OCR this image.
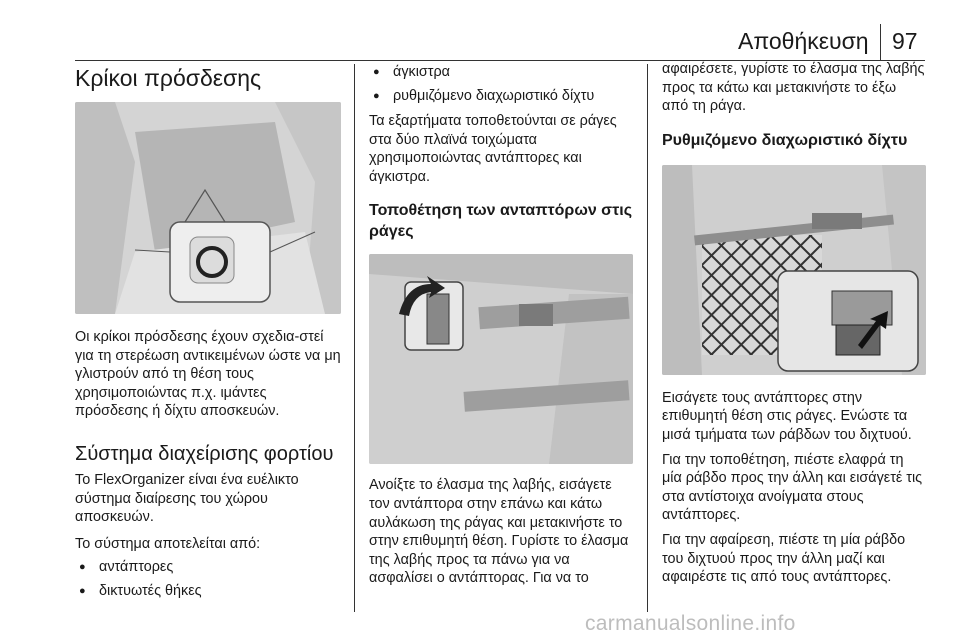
Αποθήκευση 97
Κρίκοι πρόσδεσης

Οι κρίκοι πρόσδεσης έχουν σχεδια-στεί για τη στερέωση αντικειμένων ώστε να μη γλιστρούν από τη θέση τους χρησιμοποιώντας π.χ. ιμάντες πρόσδεσης ή δίχτυ αποσκευών.

Σύστημα διαχείρισης φορτίου

Το FlexOrganizer είναι ένα ευέλικτο σύστημα διαίρεσης του χώρου αποσκευών.

Το σύστημα αποτελείται από:

● αντάπτορες
● δικτυωτές θήκες
● άγκιστρα
● ρυθμιζόμενο διαχωριστικό δίχτυ

Τα εξαρτήματα τοποθετούνται σε ράγες στα δύο πλαϊνά τοιχώματα χρησιμοποιώντας αντάπτορες και άγκιστρα.

Τοποθέτηση των ανταπτόρων στις ράγες

Ανοίξτε το έλασμα της λαβής, εισάγετε τον αντάπτορα στην επάνω και κάτω αυλάκωση της ράγας και μετακινήστε το στην επιθυμητή θέση. Γυρίστε το έλασμα της λαβής προς τα πάνω για να ασφαλίσει ο αντάπτορας. Για να το

αφαιρέσετε, γυρίστε το έλασμα της λαβής προς τα κάτω και μετακινήστε το έξω από τη ράγα.

Ρυθμιζόμενο διαχωριστικό δίχτυ

Εισάγετε τους αντάπτορες στην επιθυμητή θέση στις ράγες. Ενώστε τα μισά τμήματα των ράβδων του διχτυού.

Για την τοποθέτηση, πιέστε ελαφρά τη μία ράβδο προς την άλλη και εισάγετέ τις στα αντίστοιχα ανοίγματα στους αντάπτορες.

Για την αφαίρεση, πιέστε τη μία ράβδο του διχτυού προς την άλλη μαζί και αφαιρέστε τις από τους αντάπτορες.

carmanualsonline.info
